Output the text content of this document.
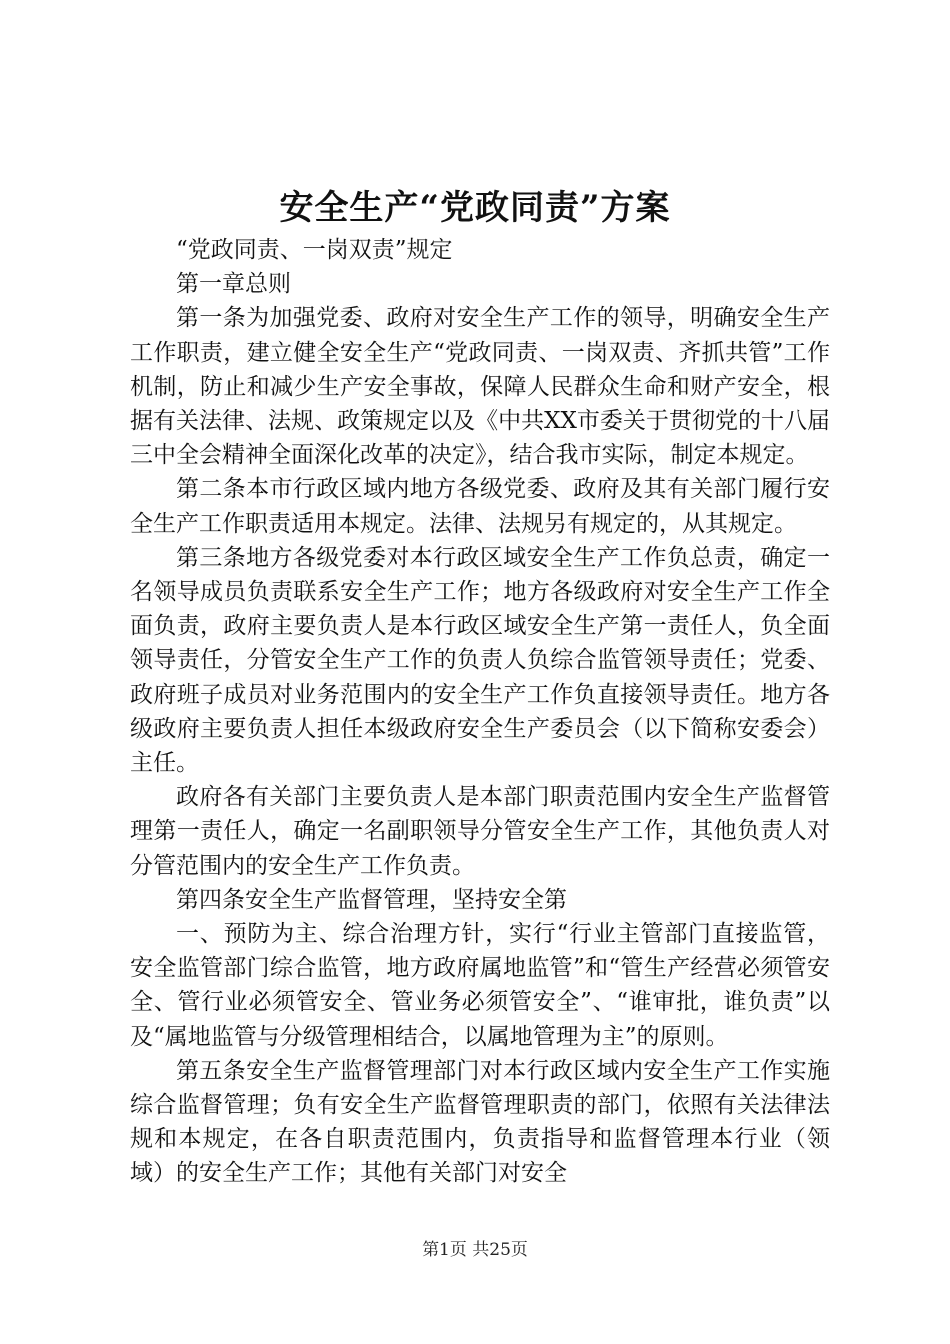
安全生产“党政同责”方案

“党政同责、一岗双责”规定

第一章总则

第一条为加强党委、政府对安全生产工作的领导，明确安全生产工作职责，建立健全安全生产“党政同责、一岗双责、齐抓共管”工作机制，防止和减少生产安全事故，保障人民群众生命和财产安全，根据有关法律、法规、政策规定以及《中共XX市委关于贯彻党的十八届三中全会精神全面深化改革的决定》，结合我市实际，制定本规定。

第二条本市行政区域内地方各级党委、政府及其有关部门履行安全生产工作职责适用本规定。法律、法规另有规定的，从其规定。

第三条地方各级党委对本行政区域安全生产工作负总责，确定一名领导成员负责联系安全生产工作；地方各级政府对安全生产工作全面负责，政府主要负责人是本行政区域安全生产第一责任人，负全面领导责任，分管安全生产工作的负责人负综合监管领导责任；党委、政府班子成员对业务范围内的安全生产工作负直接领导责任。地方各级政府主要负责人担任本级政府安全生产委员会（以下简称安委会）主任。

政府各有关部门主要负责人是本部门职责范围内安全生产监督管理第一责任人，确定一名副职领导分管安全生产工作，其他负责人对分管范围内的安全生产工作负责。

第四条安全生产监督管理，坚持安全第

一、预防为主、综合治理方针，实行“行业主管部门直接监管，安全监管部门综合监管，地方政府属地监管”和“管生产经营必须管安全、管行业必须管安全、管业务必须管安全”、“谁审批，谁负责”以及“属地监管与分级管理相结合，以属地管理为主”的原则。

第五条安全生产监督管理部门对本行政区域内安全生产工作实施综合监督管理；负有安全生产监督管理职责的部门，依照有关法律法规和本规定，在各自职责范围内，负责指导和监督管理本行业（领域）的安全生产工作；其他有关部门对安全

第1页 共25页
